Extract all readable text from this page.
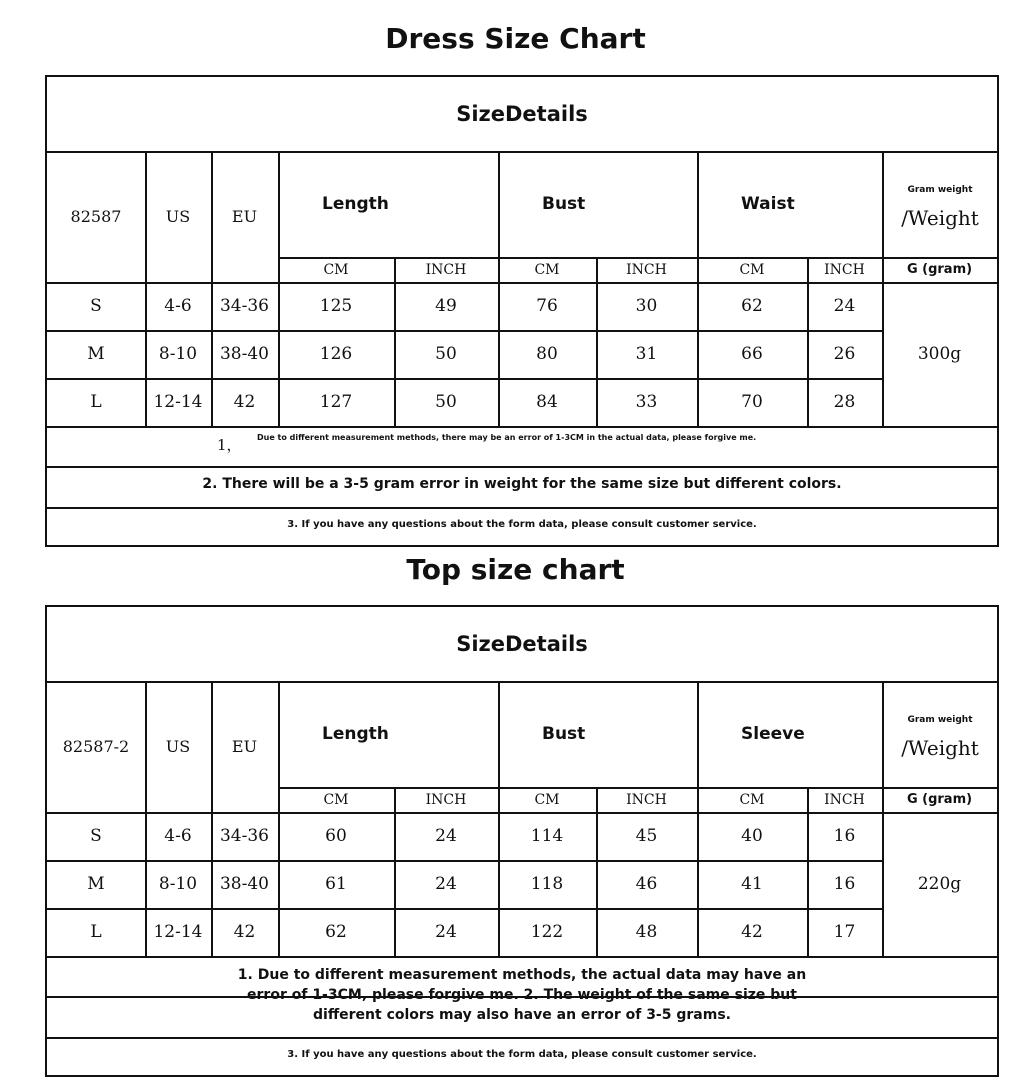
Dress Size Chart
SizeDetails
82587	US	EU
Length	Bust	Waist
Gram weight
/Weight
CM	INCH	CM	INCH	CM	INCH	G (gram)
S	4-6	34-36	125	49	76	30	62	24
M	8-10	38-40	126	50	80	31	66	26
L	12-14	42	127	50	84	33	70	28
300g
1，	Due to different measurement methods, there may be an error of 1-3CM in the actual data, please forgive me.
2. There will be a 3-5 gram error in weight for the same size but different colors.
3. If you have any questions about the form data, please consult customer service.
Top size chart
SizeDetails
82587-2	US	EU
Length	Bust	Sleeve
Gram weight
/Weight
CM	INCH	CM	INCH	CM	INCH	G (gram)
S	4-6	34-36	60	24	114	45	40	16
M	8-10	38-40	61	24	118	46	41	16
L	12-14	42	62	24	122	48	42	17
220g
1. Due to different measurement methods, the actual data may have an error of 1-3CM, please forgive me. 2. The weight of the same size but different colors may also have an error of 3-5 grams.
3. If you have any questions about the form data, please consult customer service.
